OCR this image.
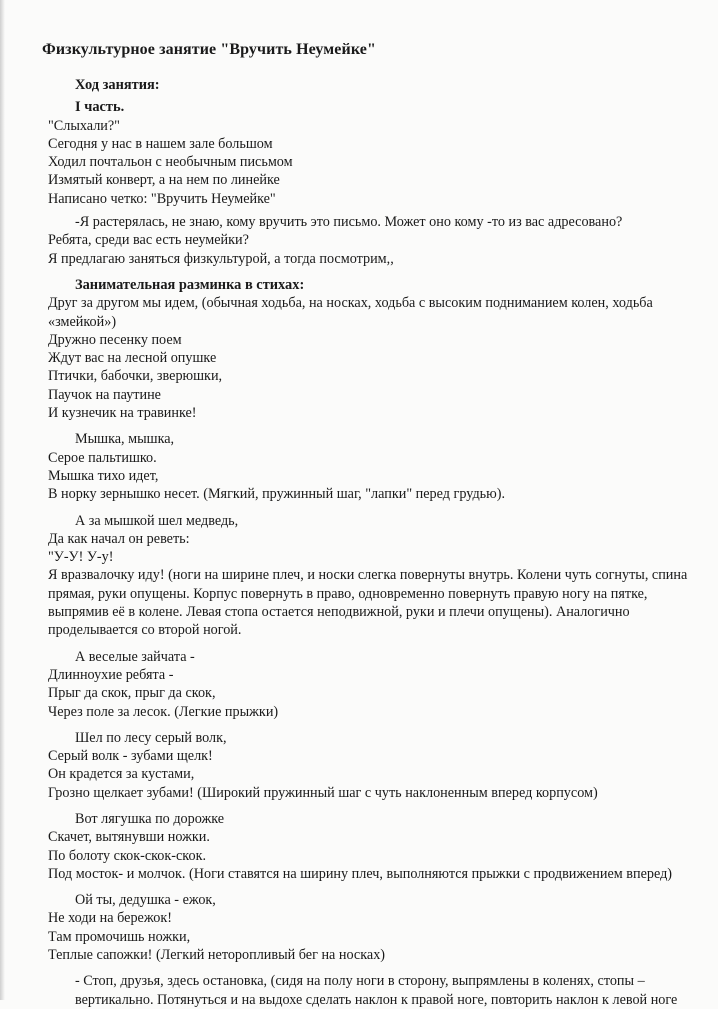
Физкультурное занятие "Вручить Неумейке"
Ход занятия:
I часть.
"Слыхали?"
Сегодня у нас в нашем зале большом
Ходил почтальон с необычным письмом
Измятый конверт, а на нем по линейке
Написано четко: "Вручить Неумейке"
-Я растерялась, не знаю, кому вручить это письмо. Может оно кому -то из вас адресовано?
Ребята, среди вас есть неумейки?
Я предлагаю заняться физкультурой, а тогда посмотрим,,
Занимательная разминка в стихах:
Друг за другом мы идем, (обычная ходьба, на носках, ходьба с высоким подниманием колен, ходьба «змейкой»)
Дружно песенку поем
Ждут вас на лесной опушке
Птички, бабочки, зверюшки,
Паучок на паутине
И кузнечик на травинке!
Мышка, мышка,
Серое пальтишко.
Мышка тихо идет,
В норку зернышко несет. (Мягкий, пружинный шаг, "лапки" перед грудью).
А за мышкой шел медведь,
Да как начал он реветь:
"У-У! У-у!
Я вразвалочку иду! (ноги на ширине плеч, и носки слегка повернуты внутрь. Колени чуть согнуты, спина прямая, руки опущены. Корпус повернуть в право, одновременно повернуть правую ногу на пятке, выпрямив её в колене. Левая стопа остается неподвижной, руки и плечи опущены). Аналогично проделывается со второй ногой.
А веселые зайчата -
Длинноухие ребята -
Прыг да скок, прыг да скок,
Через поле за лесок. (Легкие прыжки)
Шел по лесу серый волк,
Серый волк - зубами щелк!
Он крадется за кустами,
Грозно щелкает зубами! (Широкий пружинный шаг с чуть наклоненным вперед корпусом)
Вот лягушка по дорожке
Скачет, вытянувши ножки.
По болоту скок-скок-скок.
Под мосток- и молчок. (Ноги ставятся на ширину плеч, выполняются прыжки с продвижением вперед)
Ой ты, дедушка - ежок,
Не ходи на бережок!
Там промочишь ножки,
Теплые сапожки! (Легкий неторопливый бег на носках)
- Стоп, друзья, здесь остановка, (сидя на полу ноги в сторону, выпрямлены в коленях, стопы – вертикально. Потянуться и на выдохе сделать наклон к правой ноге, повторить наклон к левой ноге
